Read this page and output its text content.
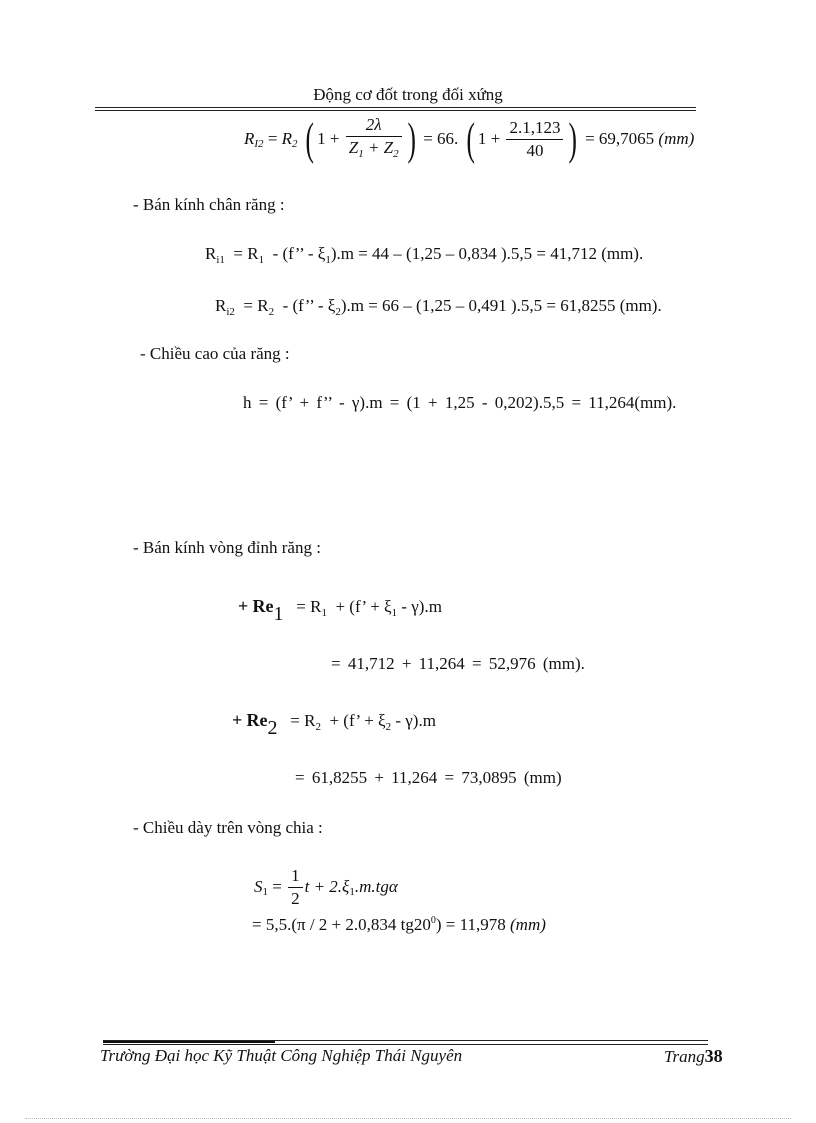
Động cơ đốt trong đối xứng
$R_{I2} = R_2$ ( $1 + \frac{2\lambda}{Z_1 + Z_2}$ ) = 66. ( $1 + \frac{2.1,123}{40}$ ) = 69,7065 (mm)
- Bán kính chân răng :
$R_{i1} = R_1 - (f$’’ - $\xi_1).m = 44 - (1,25 - 0,834$ ).5,5 = 41,712 (mm).
$R_{i2} = R_2 - (f$’’ - $\xi_2).m = 66 - (1,25 - 0,491$ ).5,5 = 61,8255 (mm).
- Chiều cao của răng :
h = (f’ + f’’ - γ).m = (1 + 1,25 - 0,202).5,5 = 11,264(mm).
- Bán kính vòng đỉnh răng :
+ $Re1 = R_1 + (f$’ + $\xi_1 - \gamma).m$
= 41,712 + 11,264 = 52,976 (mm).
+ $Re2 = R_2 + (f$’ + $\xi_2 - \gamma).m$
= 61,8255 + 11,264 = 73,0895 (mm)
- Chiều dày trên vòng chia :
$S_1 = \frac{1}{2}$ $t + 2.\xi_1.m.tg\alpha$
= 5,5.(π / 2 + 2.0,834 $tg20^0) = 11,978$ (mm)
Trường Đại học Kỹ Thuật Công Nghiệp Thái Nguyên	Trang38
